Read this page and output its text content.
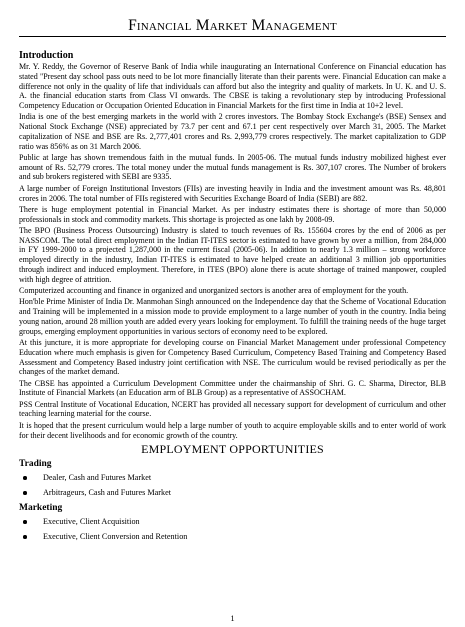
Financial Market Management
Introduction

Mr. Y. Reddy, the Governor of Reserve Bank of India while inaugurating an International Conference on Financial education has stated "Present day school pass outs need to be lot more financially literate than their parents were. Financial Education can make a difference not only in the quality of life that individuals can afford but also the integrity and quality of markets. In U. K. and U. S. A. the financial education starts from Class VI onwards. The CBSE is taking a revolutionary step by introducing Professional Competency Education or Occupation Oriented Education in Financial Markets for the first time in India at 10+2 level.

India is one of the best emerging markets in the world with 2 crores investors. The Bombay Stock Exchange's (BSE) Sensex and National Stock Exchange (NSE) appreciated by 73.7 per cent and 67.1 per cent respectively over March 31, 2005. The Market capitalization of NSE and BSE are Rs. 2,777,401 crores and Rs. 2,993,779 crores respectively. The market capitalization to GDP ratio was 856% as on 31 March 2006.

Public at large has shown tremendous faith in the mutual funds. In 2005-06. The mutual funds industry mobilized highest ever amount of Rs. 52,779 crores. The total money under the mutual funds management is Rs. 307,107 crores. The Number of brokers and sub brokers registered with SEBI are 9335.

A large number of Foreign Institutional Investors (FIIs) are investing heavily in India and the investment amount was Rs. 48,801 crores in 2006. The total number of FIIs registered with Securities Exchange Board of India (SEBI) are 882.

There is huge employment potential in Financial Market. As per industry estimates there is shortage of more than 50,000 professionals in stock and commodity markets. This shortage is projected as one lakh by 2008-09.

The BPO (Business Process Outsourcing) Industry is slated to touch revenues of Rs. 155604 crores by the end of 2006 as per NASSCOM. The total direct employment in the Indian IT-ITES sector is estimated to have grown by over a million, from 284,000 in FY 1999-2000 to a projected 1,287,000 in the current fiscal (2005-06). In addition to nearly 1.3 million – strong workforce employed directly in the industry, Indian IT-ITES is estimated to have helped create an additional 3 million job opportunities through indirect and induced employment. Therefore, in ITES (BPO) alone there is acute shortage of trained manpower, coupled with high degree of attrition.

Computerized accounting and finance in organized and unorganized sectors is another area of employment for the youth.

Hon'ble Prime Minister of India Dr. Manmohan Singh announced on the Independence day that the Scheme of Vocational Education and Training will be implemented in a mission mode to provide employment to a large number of youth in the country. India being young nation, around 28 million youth are added every years looking for employment. To fulfill the training needs of the huge target groups, emerging employment opportunities in various sectors of economy need to be explored.

At this juncture, it is more appropriate for developing course on Financial Market Management under professional Competency Education where much emphasis is given for Competency Based Curriculum, Competency Based Training and Competency Based Assessment and Competency Based industry joint certification with NSE. The curriculum would be revised periodically as per the changes of the market demand.

The CBSE has appointed a Curriculum Development Committee under the chairmanship of Shri. G. C. Sharma, Director, BLB Institute of Financial Markets (an Education arm of BLB Group) as a representative of ASSOCHAM.

PSS Central Institute of Vocational Education, NCERT has provided all necessary support for development of curriculum and other teaching learning material for the course.

It is hoped that the present curriculum would help a large number of youth to acquire employable skills and to enter world of work for their decent livelihoods and for economic growth of the country.

EMPLOYMENT OPPORTUNITIES
Trading
Dealer, Cash and Futures Market
Arbitrageurs, Cash and Futures Market
Marketing
Executive, Client Acquisition
Executive, Client Conversion and Retention
1
